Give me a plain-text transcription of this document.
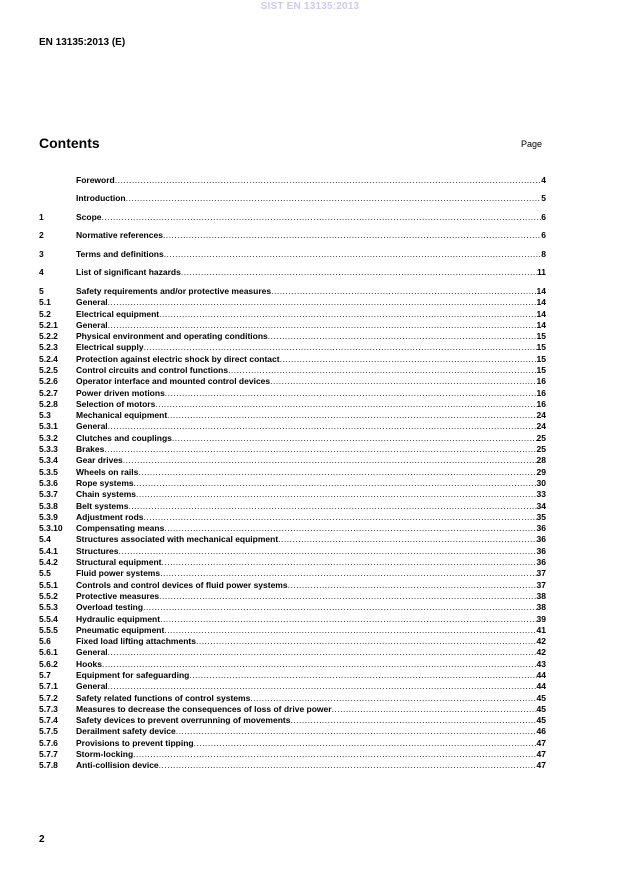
SIST EN 13135:2013
EN 13135:2013 (E)
Contents	Page
Foreword .....	4
Introduction .....	5
1	Scope .....	6
2	Normative references .....	6
3	Terms and definitions .....	8
4	List of significant hazards .....	11
5	Safety requirements and/or protective measures .....	14
5.1	General .....	14
5.2	Electrical equipment .....	14
5.2.1	General .....	14
5.2.2	Physical environment and operating conditions .....	15
5.2.3	Electrical supply .....	15
5.2.4	Protection against electric shock by direct contact .....	15
5.2.5	Control circuits and control functions .....	15
5.2.6	Operator interface and mounted control devices .....	16
5.2.7	Power driven motions .....	16
5.2.8	Selection of motors .....	16
5.3	Mechanical equipment .....	24
5.3.1	General .....	24
5.3.2	Clutches and couplings .....	25
5.3.3	Brakes .....	25
5.3.4	Gear drives .....	28
5.3.5	Wheels on rails .....	29
5.3.6	Rope systems .....	30
5.3.7	Chain systems .....	33
5.3.8	Belt systems .....	34
5.3.9	Adjustment rods .....	35
5.3.10	Compensating means .....	36
5.4	Structures associated with mechanical equipment .....	36
5.4.1	Structures .....	36
5.4.2	Structural equipment .....	36
5.5	Fluid power systems .....	37
5.5.1	Controls and control devices of fluid power systems .....	37
5.5.2	Protective measures .....	38
5.5.3	Overload testing .....	38
5.5.4	Hydraulic equipment .....	39
5.5.5	Pneumatic equipment .....	41
5.6	Fixed load lifting attachments .....	42
5.6.1	General .....	42
5.6.2	Hooks .....	43
5.7	Equipment for safeguarding .....	44
5.7.1	General .....	44
5.7.2	Safety related functions of control systems .....	45
5.7.3	Measures to decrease the consequences of loss of drive power .....	45
5.7.4	Safety devices to prevent overrunning of movements .....	45
5.7.5	Derailment safety device .....	46
5.7.6	Provisions to prevent tipping .....	47
5.7.7	Storm-locking .....	47
5.7.8	Anti-collision device .....	47
2
